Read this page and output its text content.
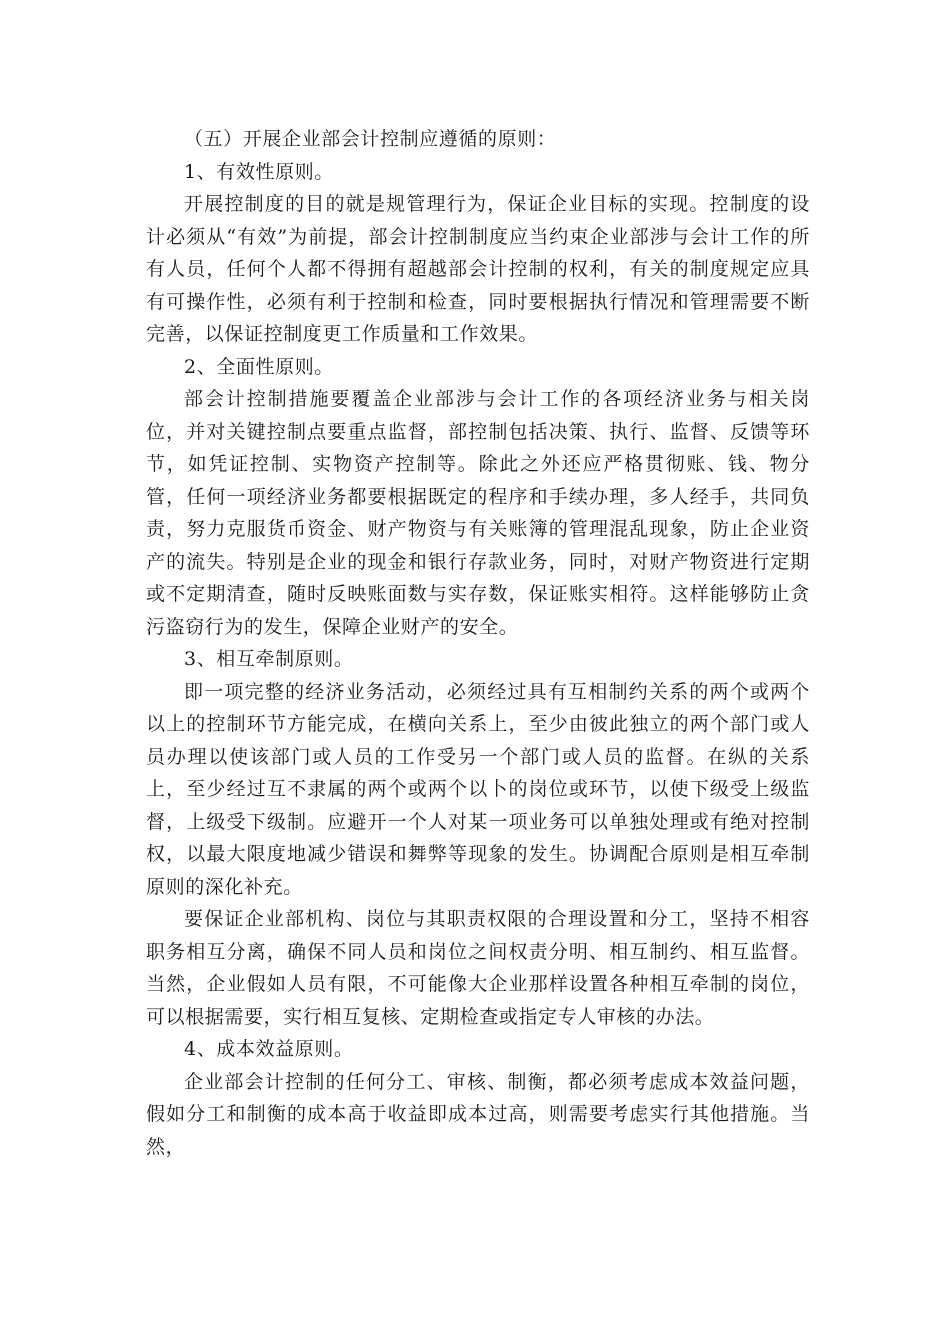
（五）开展企业部会计控制应遵循的原则：

1、有效性原则。

开展控制度的目的就是规管理行为，保证企业目标的实现。控制度的设计必须从“有效”为前提，部会计控制制度应当约束企业部涉与会计工作的所有人员，任何个人都不得拥有超越部会计控制的权利，有关的制度规定应具有可操作性，必须有利于控制和检查，同时要根据执行情况和管理需要不断完善，以保证控制度更工作质量和工作效果。

2、全面性原则。

部会计控制措施要覆盖企业部涉与会计工作的各项经济业务与相关岗位，并对关键控制点要重点监督，部控制包括决策、执行、监督、反馈等环节，如凭证控制、实物资产控制等。除此之外还应严格贯彻账、钱、物分管，任何一项经济业务都要根据既定的程序和手续办理，多人经手，共同负责，努力克服货币资金、财产物资与有关账簿的管理混乱现象，防止企业资产的流失。特别是企业的现金和银行存款业务，同时，对财产物资进行定期或不定期清查，随时反映账面数与实存数，保证账实相符。这样能够防止贪污盗窃行为的发生，保障企业财产的安全。

3、相互牵制原则。

即一项完整的经济业务活动，必须经过具有互相制约关系的两个或两个以上的控制环节方能完成，在横向关系上，至少由彼此独立的两个部门或人员办理以使该部门或人员的工作受另一个部门或人员的监督。在纵的关系上，至少经过互不隶属的两个或两个以卜的岗位或环节，以使下级受上级监督，上级受下级制。应避开一个人对某一项业务可以单独处理或有绝对控制权，以最大限度地减少错误和舞弊等现象的发生。协调配合原则是相互牵制原则的深化补充。

要保证企业部机构、岗位与其职责权限的合理设置和分工，坚持不相容职务相互分离，确保不同人员和岗位之间权责分明、相互制约、相互监督。当然，企业假如人员有限，不可能像大企业那样设置各种相互牵制的岗位，可以根据需要，实行相互复核、定期检查或指定专人审核的办法。

4、成本效益原则。

企业部会计控制的任何分工、审核、制衡，都必须考虑成本效益问题，假如分工和制衡的成本高于收益即成本过高，则需要考虑实行其他措施。当然，
